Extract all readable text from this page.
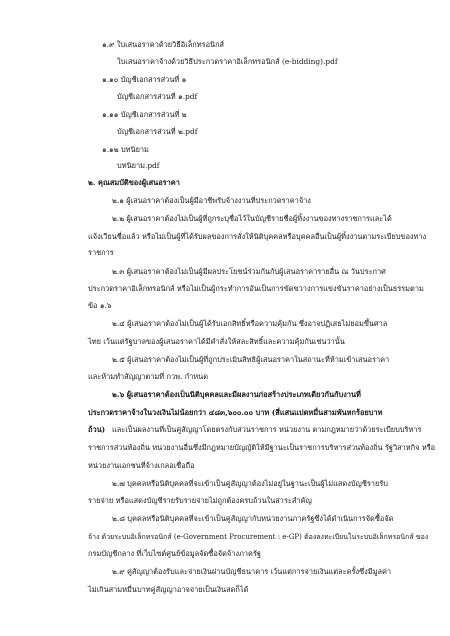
๑.๙ ใบเสนอราคาด้วยวิธีอิเล็กทรอนิกส์
ใบเสนอราคาจ้างด้วยวิธีประกวดราคาอิเล็กทรอนิกส์ (e-bidding).pdf
๑.๑๐ บัญชีเอกสารส่วนที่ ๑
บัญชีเอกสารส่วนที่ ๑.pdf
๑.๑๑ บัญชีเอกสารส่วนที่ ๒
บัญชีเอกสารส่วนที่ ๒.pdf
๑.๑๒ บทนิยาม
บทนิยาม.pdf
๒. คุณสมบัติของผู้เสนอราคา
๒.๑ ผู้เสนอราคาต้องเป็นผู้มีอาชีพรับจ้างงานที่ประกวดราคาจ้าง
๒.๒ ผู้เสนอราคาต้องไม่เป็นผู้ที่ถูกระบุชื่อไว้ในบัญชีรายชื่อผู้ทิ้งงานของทางราชการและได้
แจ้งเวียนชื่อแล้ว หรือไม่เป็นผู้ที่ได้รับผลของการสั่งให้นิติบุคคลหรือบุคคลอื่นเป็นผู้ทิ้งงานตามระเบียบของทาง
ราชการ
๒.๓ ผู้เสนอราคาต้องไม่เป็นผู้มีผลประโยชน์ร่วมกันกับผู้เสนอราคารายอื่น ณ วันประกาศ
ประกวดราคาอิเล็กทรอนิกส์ หรือไม่เป็นผู้กระทำการอันเป็นการขัดขวางการแข่งขันราคาอย่างเป็นธรรมตาม
ข้อ ๑.๖
๒.๔ ผู้เสนอราคาต้องไม่เป็นผู้ได้รับเอกสิทธิ์หรือความคุ้มกัน ซึ่งอาจปฏิเสธไม่ยอมขึ้นศาล
ไทย เว้นแต่รัฐบาลของผู้เสนอราคาได้มีคำสั่งให้สละสิทธิ์และความคุ้มกันเช่นว่านั้น
๒.๕ ผู้เสนอราคาต้องไม่เป็นผู้ที่ถูกประเมินสิทธิผู้เสนอราคาในสถานะที่ห้ามเข้าเสนอราคา
และห้ามทำสัญญาตามที่ กวพ. กำหนด
๒.๖ ผู้เสนอราคาต้องเป็นนิติบุคคลและมีผลงานก่อสร้างประเภทเดียวกันกับงานที่
ประกวดราคาจ้างในวงเงินไม่น้อยกว่า ๔๘๓,๖๐๐.๐๐ บาท (สี่แสนแปดหมื่นสามพันหกร้อยบาท
ถ้วน) และเป็นผลงานที่เป็นคู่สัญญาโดยตรงกับส่วนราชการ หน่วยงาน ตามกฎหมายว่าด้วยระเบียบบริหาร
ราชการส่วนท้องถิ่น หน่วยงานอื่นซึ่งมีกฎหมายบัญญัติให้มีฐานะเป็นราชการบริหารส่วนท้องถิ่น รัฐวิสาหกิจ หรือ
หน่วยงานเอกชนที่จ้างเกลอเชื่อถือ
๒.๗ บุคคลหรือนิติบุคคลที่จะเข้าเป็นคู่สัญญาต้องไม่อยู่ในฐานะเป็นผู้ไม่แสดงบัญชีรายรับ
รายจ่าย หรือแสดงบัญชีรายรับรายจ่ายไม่ถูกต้องครบถ้วนในสาระสำคัญ
๒.๘ บุคคลหรือนิติบุคคลที่จะเข้าเป็นคู่สัญญากับหน่วยงานภาครัฐซึ่งได้ดำเนินการจัดซื้อจัด
จ้าง ด้วยระบบอิเล็กทรอนิกส์ (e-Government Procurement : e-GP) ต้องลงทะเบียนในระบบอิเล็กทรอนิกส์ ของ
กรมบัญชีกลาง ที่เว็บไซต์ศูนย์ข้อมูลจัดซื้อจัดจ้างภาครัฐ
๒.๙ คู่สัญญาต้องรับและจ่ายเงินผ่านบัญชีธนาคาร เว้นแต่การจ่ายเงินแต่ละครั้งซึ่งมีมูลค่า
ไม่เกินสามหมื่นบาทคู่สัญญาอาจจ่ายเป็นเงินสดก็ได้
